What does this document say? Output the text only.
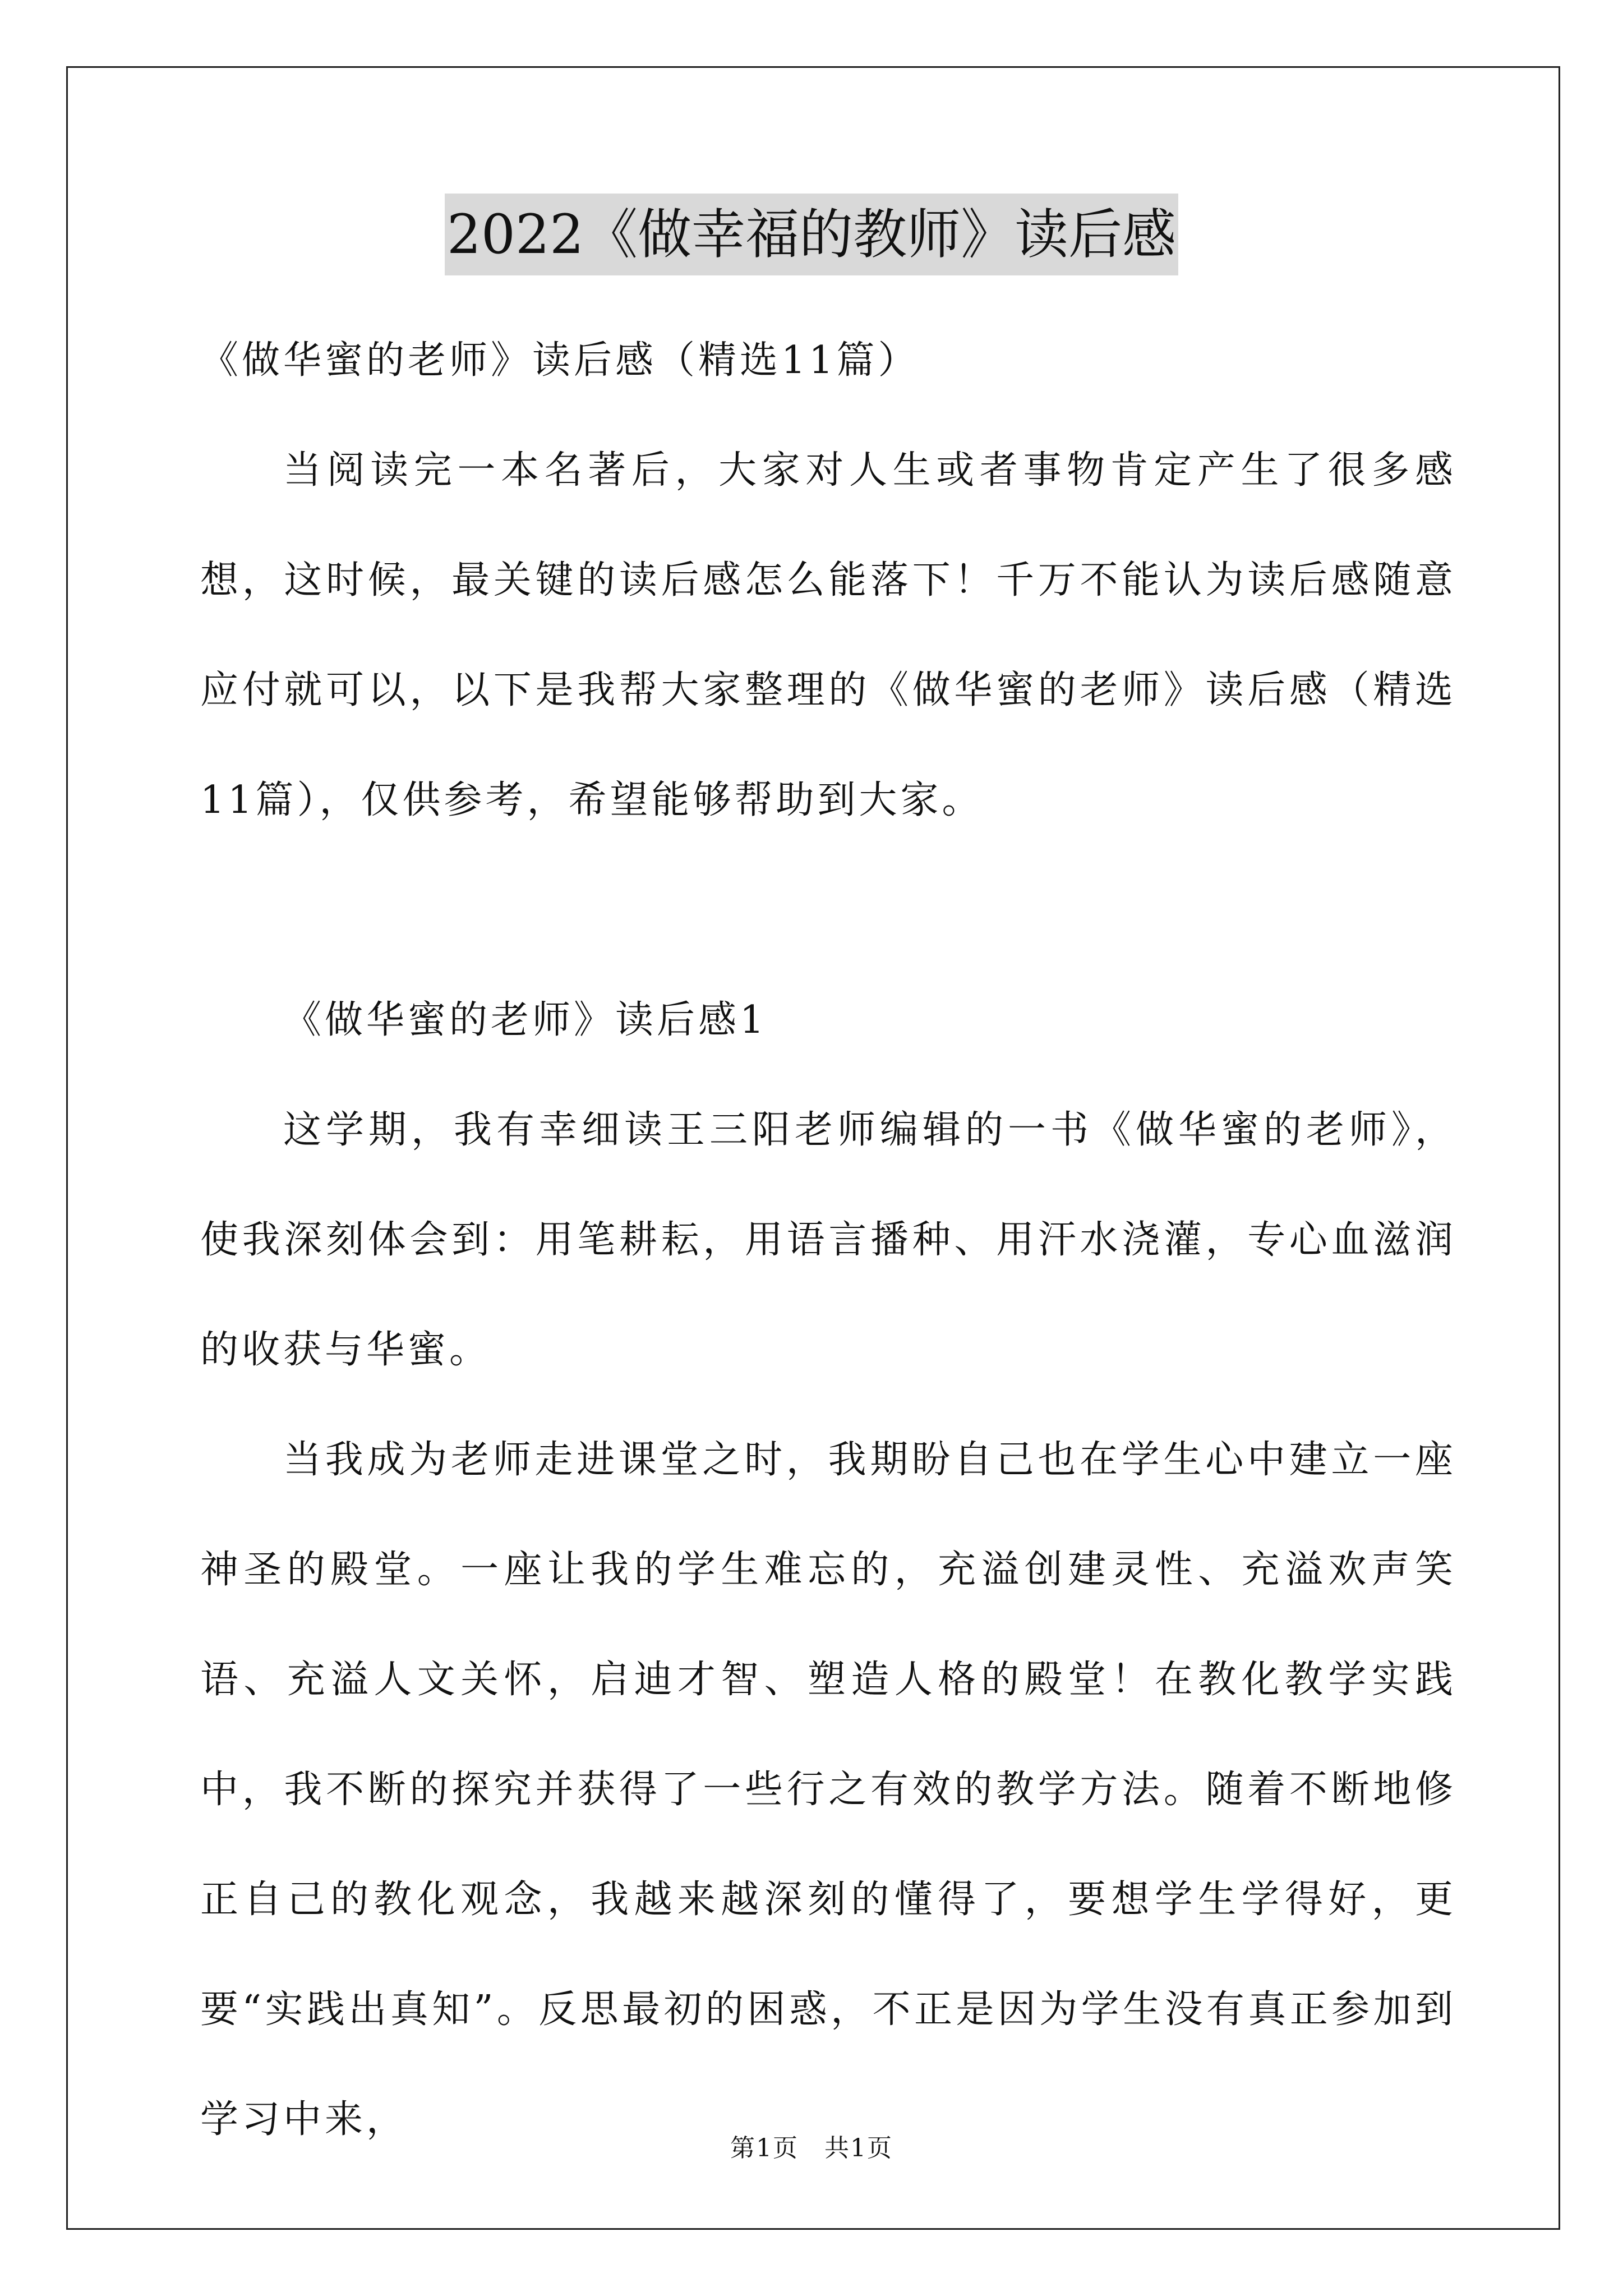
2022《做幸福的教师》读后感

《做华蜜的老师》读后感（精选11篇）

当阅读完一本名著后，大家对人生或者事物肯定产生了很多感想，这时候，最关键的读后感怎么能落下！千万不能认为读后感随意应付就可以，以下是我帮大家整理的《做华蜜的老师》读后感（精选11篇），仅供参考，希望能够帮助到大家。

《做华蜜的老师》读后感1

这学期，我有幸细读王三阳老师编辑的一书《做华蜜的老师》，使我深刻体会到：用笔耕耘，用语言播种、用汗水浇灌，专心血滋润的收获与华蜜。

当我成为老师走进课堂之时，我期盼自己也在学生心中建立一座神圣的殿堂。一座让我的学生难忘的，充溢创建灵性、充溢欢声笑语、充溢人文关怀，启迪才智、塑造人格的殿堂！在教化教学实践中，我不断的探究并获得了一些行之有效的教学方法。随着不断地修正自己的教化观念，我越来越深刻的懂得了，要想学生学得好，更要“实践出真知”。反思最初的困惑，不正是因为学生没有真正参加到学习中来，

第1页　共1页
